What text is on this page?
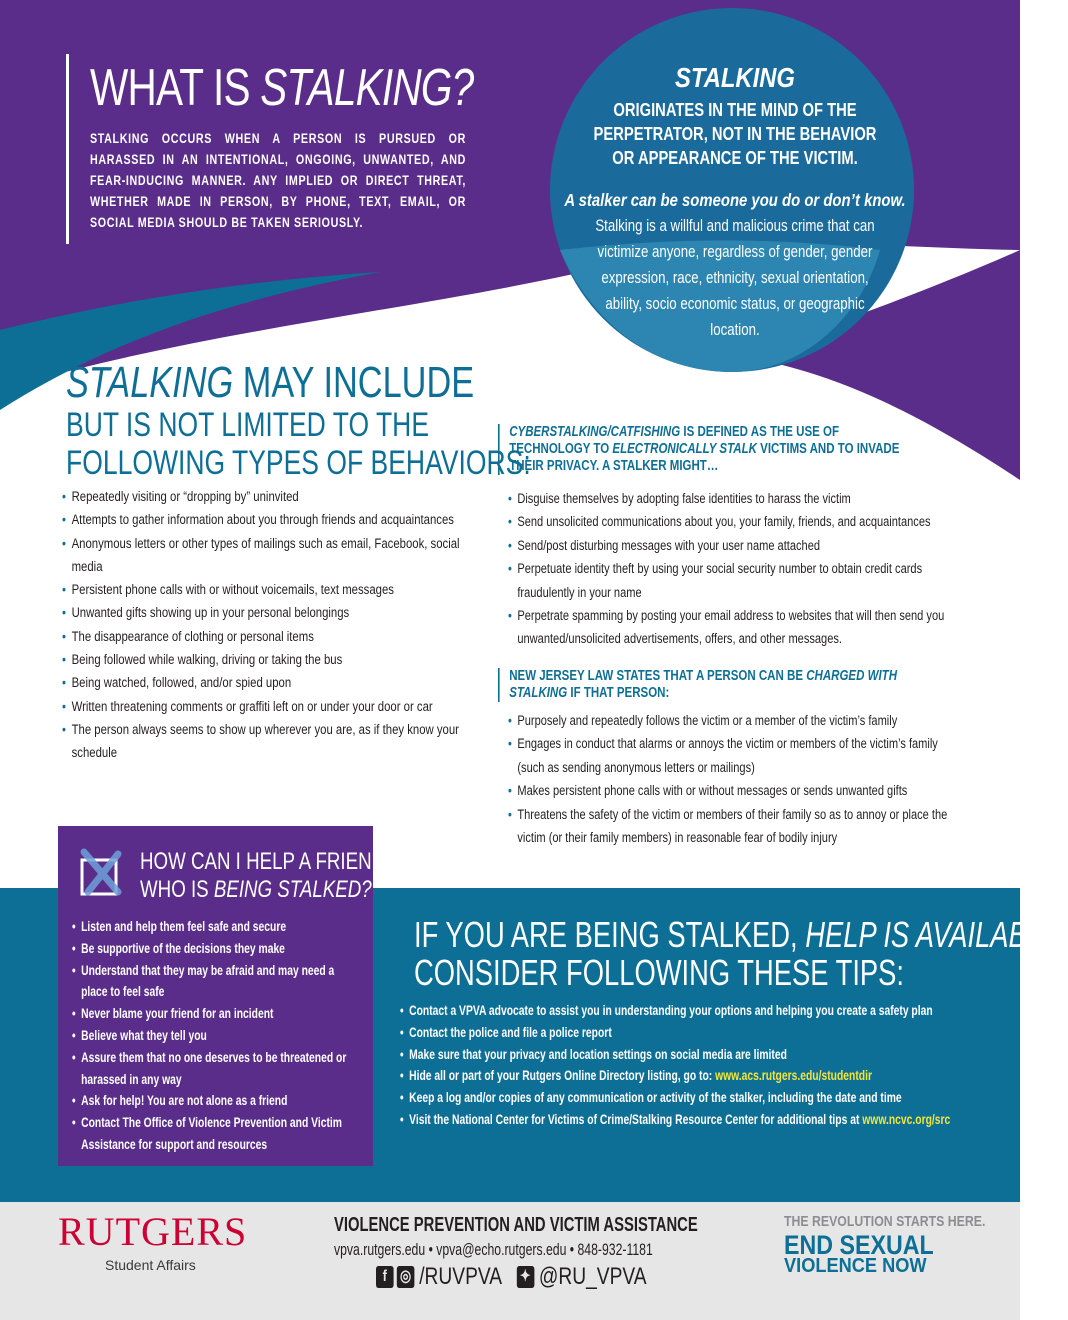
WHAT IS STALKING?
STALKING OCCURS WHEN A PERSON IS PURSUED OR HARASSED IN AN INTENTIONAL, ONGOING, UNWANTED, AND FEAR-INDUCING MANNER. ANY IMPLIED OR DIRECT THREAT, WHETHER MADE IN PERSON, BY PHONE, TEXT, EMAIL, OR SOCIAL MEDIA SHOULD BE TAKEN SERIOUSLY.
STALKING
ORIGINATES IN THE MIND OF THE
PERPETRATOR, NOT IN THE BEHAVIOR
OR APPEARANCE OF THE VICTIM.
A stalker can be someone you do or don’t know.
Stalking is a willful and malicious crime that can victimize anyone, regardless of gender, gender expression, race, ethnicity, sexual orientation, ability, socio economic status, or geographic location.
STALKING MAY INCLUDE
BUT IS NOT LIMITED TO THE
FOLLOWING TYPES OF BEHAVIORS:
• Repeatedly visiting or “dropping by” uninvited
• Attempts to gather information about you through friends and acquaintances
• Anonymous letters or other types of mailings such as email, Facebook, social media
• Persistent phone calls with or without voicemails, text messages
• Unwanted gifts showing up in your personal belongings
• The disappearance of clothing or personal items
• Being followed while walking, driving or taking the bus
• Being watched, followed, and/or spied upon
• Written threatening comments or graffiti left on or under your door or car
• The person always seems to show up wherever you are, as if they know your schedule
CYBERSTALKING/CATFISHING IS DEFINED AS THE USE OF TECHNOLOGY TO ELECTRONICALLY STALK VICTIMS AND TO INVADE THEIR PRIVACY. A STALKER MIGHT…
• Disguise themselves by adopting false identities to harass the victim
• Send unsolicited communications about you, your family, friends, and acquaintances
• Send/post disturbing messages with your user name attached
• Perpetuate identity theft by using your social security number to obtain credit cards fraudulently in your name
• Perpetrate spamming by posting your email address to websites that will then send you unwanted/unsolicited advertisements, offers, and other messages.
NEW JERSEY LAW STATES THAT A PERSON CAN BE CHARGED WITH STALKING IF THAT PERSON:
• Purposely and repeatedly follows the victim or a member of the victim’s family
• Engages in conduct that alarms or annoys the victim or members of the victim’s family (such as sending anonymous letters or mailings)
• Makes persistent phone calls with or without messages or sends unwanted gifts
• Threatens the safety of the victim or members of their family so as to annoy or place the victim (or their family members) in reasonable fear of bodily injury
HOW CAN I HELP A FRIEND
WHO IS BEING STALKED?
• Listen and help them feel safe and secure
• Be supportive of the decisions they make
• Understand that they may be afraid and may need a place to feel safe
• Never blame your friend for an incident
• Believe what they tell you
• Assure them that no one deserves to be threatened or harassed in any way
• Ask for help! You are not alone as a friend
• Contact The Office of Violence Prevention and Victim Assistance for support and resources
IF YOU ARE BEING STALKED, HELP IS AVAILABLE.
CONSIDER FOLLOWING THESE TIPS:
• Contact a VPVA advocate to assist you in understanding your options and helping you create a safety plan
• Contact the police and file a police report
• Make sure that your privacy and location settings on social media are limited
• Hide all or part of your Rutgers Online Directory listing, go to: www.acs.rutgers.edu/studentdir
• Keep a log and/or copies of any communication or activity of the stalker, including the date and time
• Visit the National Center for Victims of Crime/Stalking Resource Center for additional tips at www.ncvc.org/src
RUTGERS
Student Affairs
VIOLENCE PREVENTION AND VICTIM ASSISTANCE
vpva.rutgers.edu • vpva@echo.rutgers.edu • 848-932-1181
f ◎ /RUVPVA ✦ @RU_VPVA
THE REVOLUTION STARTS HERE.
END SEXUAL
VIOLENCE NOW
